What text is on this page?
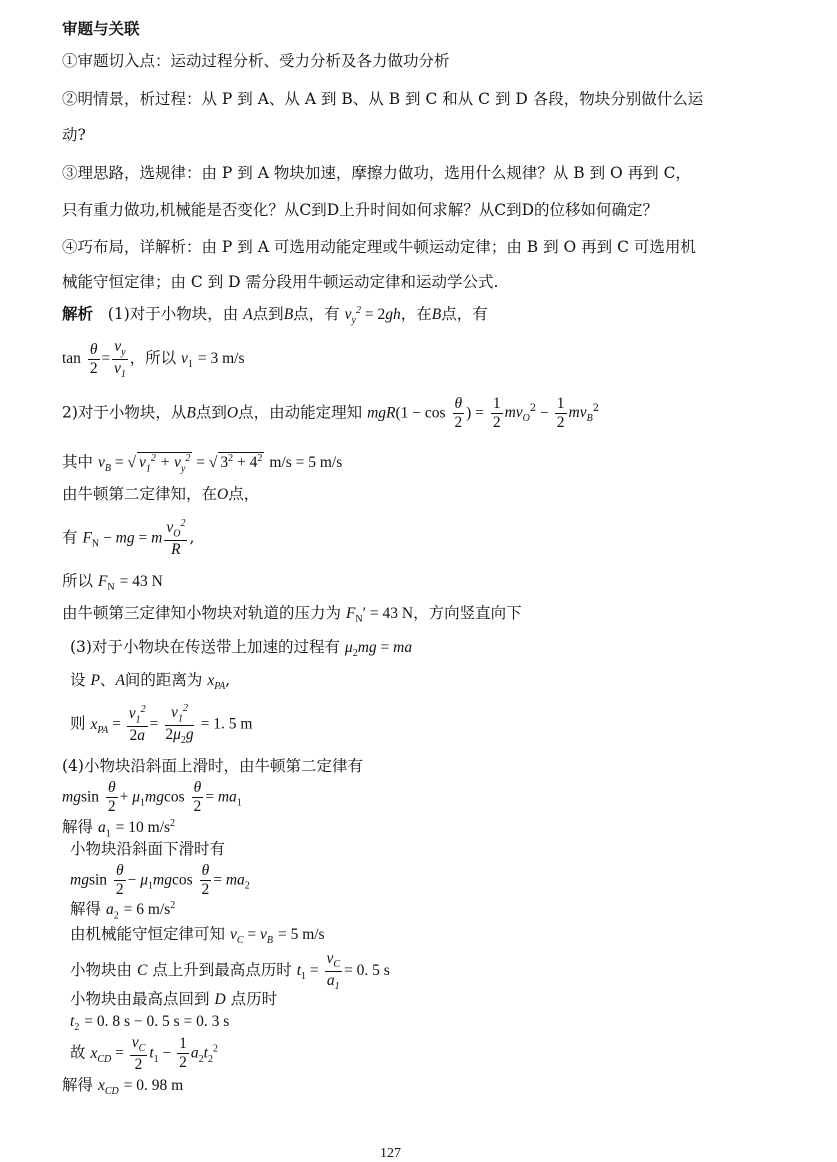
审题与关联
①审题切入点：运动过程分析、受力分析及各力做功分析
②明情景，析过程：从 P 到 A、从 A 到 B、从 B 到 C 和从 C 到 D 各段，物块分别做什么运
动?
③理思路，选规律：由 P 到 A 物块加速，摩擦力做功，选用什么规律？从 B 到 O 再到 C，
只有重力做功,机械能是否变化？从C到D上升时间如何求解？从C到D的位移如何确定？
④巧布局，详解析：由 P 到 A 可选用动能定理或牛顿运动定律；由 B 到 O 再到 C 可选用机
械能守恒定律；由 C 到 D 需分段用牛顿运动定律和运动学公式.
解析 (1)对于小物块，由 A点到B点，有 $v_y^2 = 2gh$，在B点，有
$\tan \frac{\theta}{2} = \frac{v_y}{v_1}$ ，所以 $v_1 = 3$ m/s
2)对于小物块，从B点到O点，由动能定理知 $mgR(1 - \cos \frac{\theta}{2}$ ) = $\frac{1}{2} mv_O^2 - \frac{1}{2} mv_B^2$
其中 $v_B$ = √ $v_1^2 + v_y^2$ = √ $3^2 + 4^2$ m/s = 5 m/s
由牛顿第二定律知，在O点，
有 $F_N$ − mg = m $\frac{v_O^2}{R}$ ,
所以 $F_N = 43$ N
由牛顿第三定律知小物块对轨道的压力为 $F_N' = 43$ N，方向竖直向下
(3)对于小物块在传送带上加速的过程有 $\mu_2mg$ = ma
设 P、A间的距离为 $x_{PA}$,
则 $x_{PA} = \frac{v_1^2}{2a} = \frac{v_1^2}{2\mu_2g} = 1$. 5 m
(4)小物块沿斜面上滑时，由牛顿第二定律有
mgsin $\frac{\theta}{2} + \mu_1mgcos \frac{\theta}{2} = ma_1$
解得 $a_1 = 10$ $m/s^2$
小物块沿斜面下滑时有
mgsin $\frac{\theta}{2} - \mu_1mgcos \frac{\theta}{2} = ma_2$
解得 $a_2 = 6$ $m/s^2$
由机械能守恒定律可知 $v_C = v_B = 5$ m/s
小物块由 C 点上升到最高点历时 $t_1 = \frac{v_C}{a_1} = 0$. 5 s
小物块由最高点回到 D 点历时
$t_2 = 0$. 8 s − 0. 5 s = 0. 3 s
故 $x_{CD} = \frac{v_C}{2} t_1 - \frac{1}{2} a_2t_2^2$
解得 $x_{CD} = 0$. 98 m
127
